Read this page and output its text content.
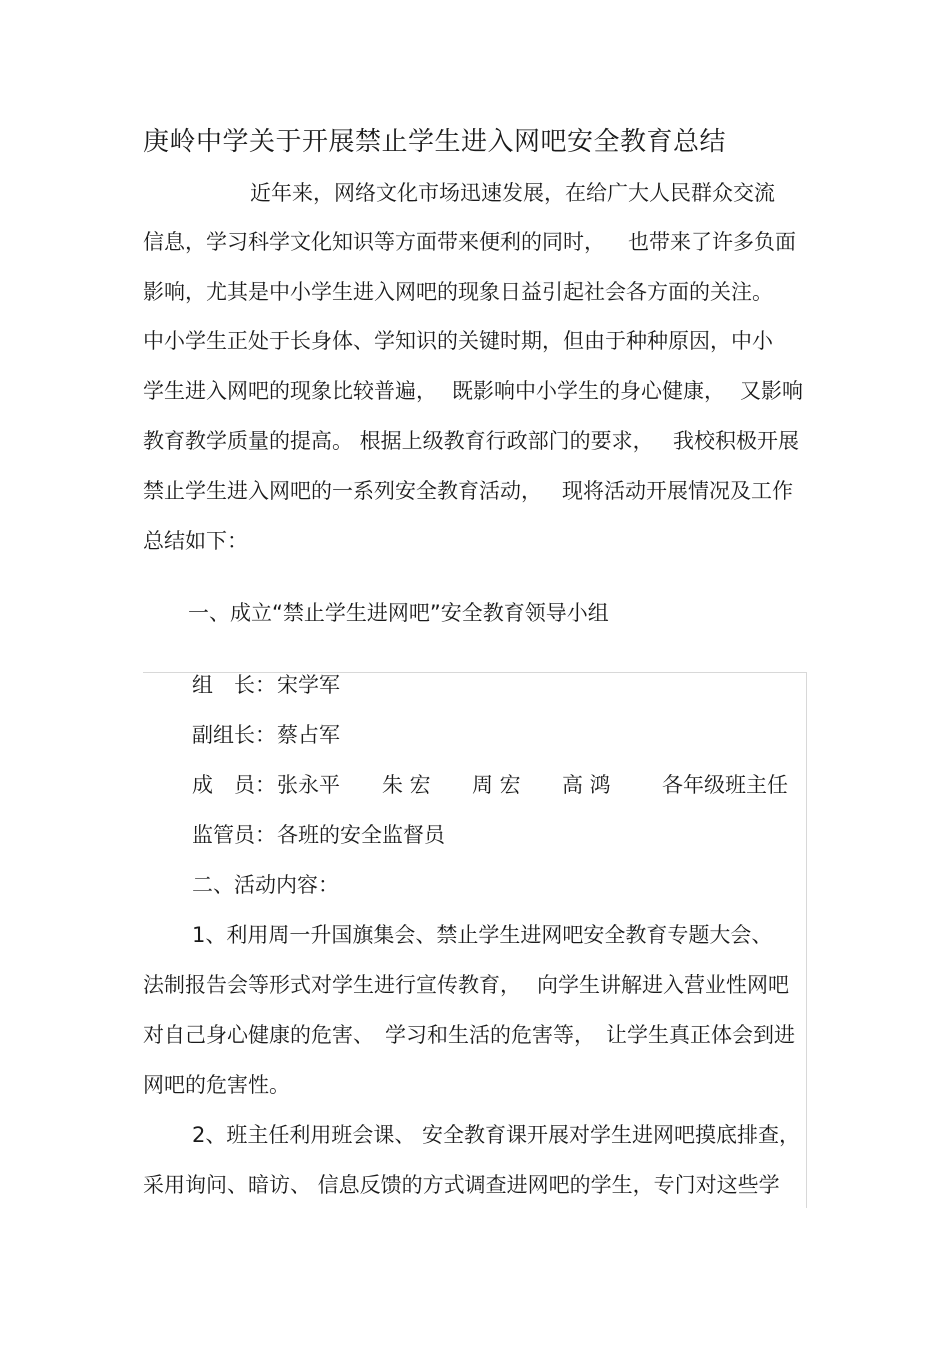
庚岭中学关于开展禁止学生进入网吧安全教育总结
近年来，网络文化市场迅速发展，在给广大人民群众交流
信息，学习科学文化知识等方面带来便利的同时， 也带来了许多负面
影响，尤其是中小学生进入网吧的现象日益引起社会各方面的关注。
中小学生正处于长身体、学知识的关键时期，但由于种种原因，中小
学生进入网吧的现象比较普遍， 既影响中小学生的身心健康， 又影响
教育教学质量的提高。 根据上级教育行政部门的要求， 我校积极开展
禁止学生进入网吧的一系列安全教育活动， 现将活动开展情况及工作
总结如下：
一、成立“禁止学生进网吧”安全教育领导小组
组　长： 宋学军
副组长： 蔡占军
成　员： 张永平 朱 宏 周 宏 高 鸿 各年级班主任
监管员： 各班的安全监督员
二、活动内容：
1、利用周一升国旗集会、禁止学生进网吧安全教育专题大会、
法制报告会等形式对学生进行宣传教育， 向学生讲解进入营业性网吧
对自己身心健康的危害、 学习和生活的危害等， 让学生真正体会到进
网吧的危害性。
2、班主任利用班会课、 安全教育课开展对学生进网吧摸底排查，
采用询问、暗访、 信息反馈的方式调查进网吧的学生，专门对这些学
